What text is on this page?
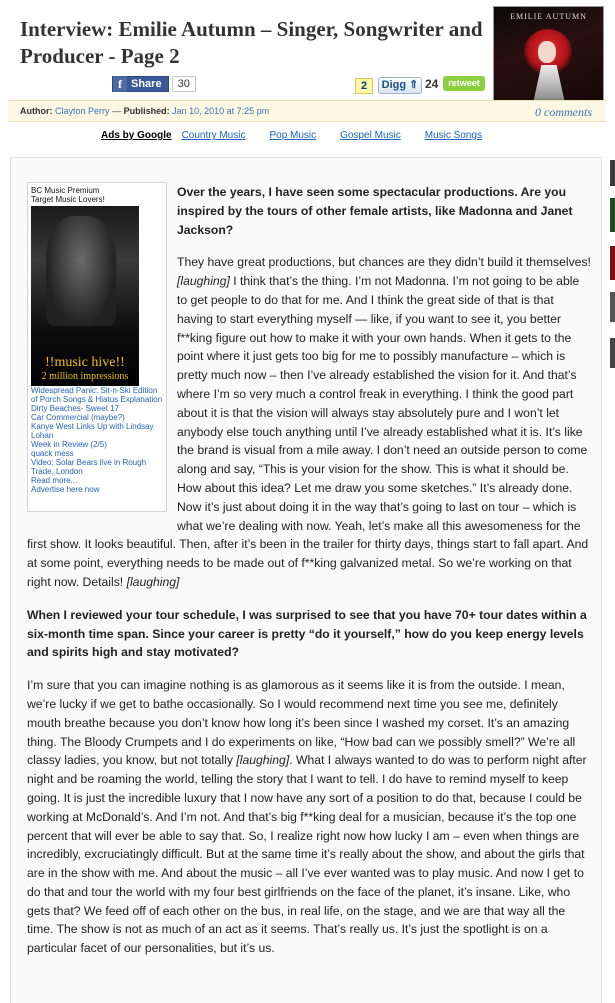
Interview: Emilie Autumn – Singer, Songwriter and Producer - Page 2
EMILIE AUTUMN
f Share	30	2	Digg ⇑ 24	retweet
Author: Clayton Perry — Published: Jan 10, 2010 at 7:25 pm	0 comments
Ads by Google Country Music Pop Music Gospel Music Music Songs
BC Music Premium
Target Music Lovers!
!!music hive!!
2 million impressions
Widespread Panic: Sit-n-Ski Edition of Porch Songs & Hiatus Explanation
Dirty Beaches- Sweet 17
Car Commercial (maybe?)
Kanye West Links Up with Lindsay Lohan
Week in Review (2/5)
quack mess
Video: Solar Bears live in Rough Trade, London
Read more...
Advertise here now

Over the years, I have seen some spectacular productions. Are you inspired by the tours of other female artists, like Madonna and Janet Jackson?

They have great productions, but chances are they didn’t build it themselves! [laughing] I think that’s the thing. I’m not Madonna. I’m not going to be able to get people to do that for me. And I think the great side of that is that having to start everything myself — like, if you want to see it, you better f**king figure out how to make it with your own hands. When it gets to the point where it just gets too big for me to possibly manufacture – which is pretty much now – then I’ve already established the vision for it. And that’s where I’m so very much a control freak in everything. I think the good part about it is that the vision will always stay absolutely pure and I won’t let anybody else touch anything until I’ve already established what it is. It’s like the brand is visual from a mile away. I don’t need an outside person to come along and say, “This is your vision for the show. This is what it should be. How about this idea? Let me draw you some sketches.” It’s already done. Now it’s just about doing it in the way that’s going to last on tour – which is what we’re dealing with now. Yeah, let’s make all this awesomeness for the first show. It looks beautiful. Then, after it’s been in the trailer for thirty days, things start to fall apart. And at some point, everything needs to be made out of f**king galvanized metal. So we’re working on that right now. Details! [laughing]

When I reviewed your tour schedule, I was surprised to see that you have 70+ tour dates within a six-month time span. Since your career is pretty “do it yourself,” how do you keep energy levels and spirits high and stay motivated?

I’m sure that you can imagine nothing is as glamorous as it seems like it is from the outside. I mean, we’re lucky if we get to bathe occasionally. So I would recommend next time you see me, definitely mouth breathe because you don’t know how long it’s been since I washed my corset. It’s an amazing thing. The Bloody Crumpets and I do experiments on like, “How bad can we possibly smell?” We’re all classy ladies, you know, but not totally [laughing]. What I always wanted to do was to perform night after night and be roaming the world, telling the story that I want to tell. I do have to remind myself to keep going. It is just the incredible luxury that I now have any sort of a position to do that, because I could be working at McDonald’s. And I’m not. And that’s big f**king deal for a musician, because it’s the top one percent that will ever be able to say that. So, I realize right now how lucky I am – even when things are incredibly, excruciatingly difficult. But at the same time it’s really about the show, and about the girls that are in the show with me. And about the music – all I’ve ever wanted was to play music. And now I get to do that and tour the world with my four best girlfriends on the face of the planet, it’s insane. Like, who gets that? We feed off of each other on the bus, in real life, on the stage, and we are that way all the time. The show is not as much of an act as it seems. That’s really us. It’s just the spotlight is on a particular facet of our personalities, but it’s us.
